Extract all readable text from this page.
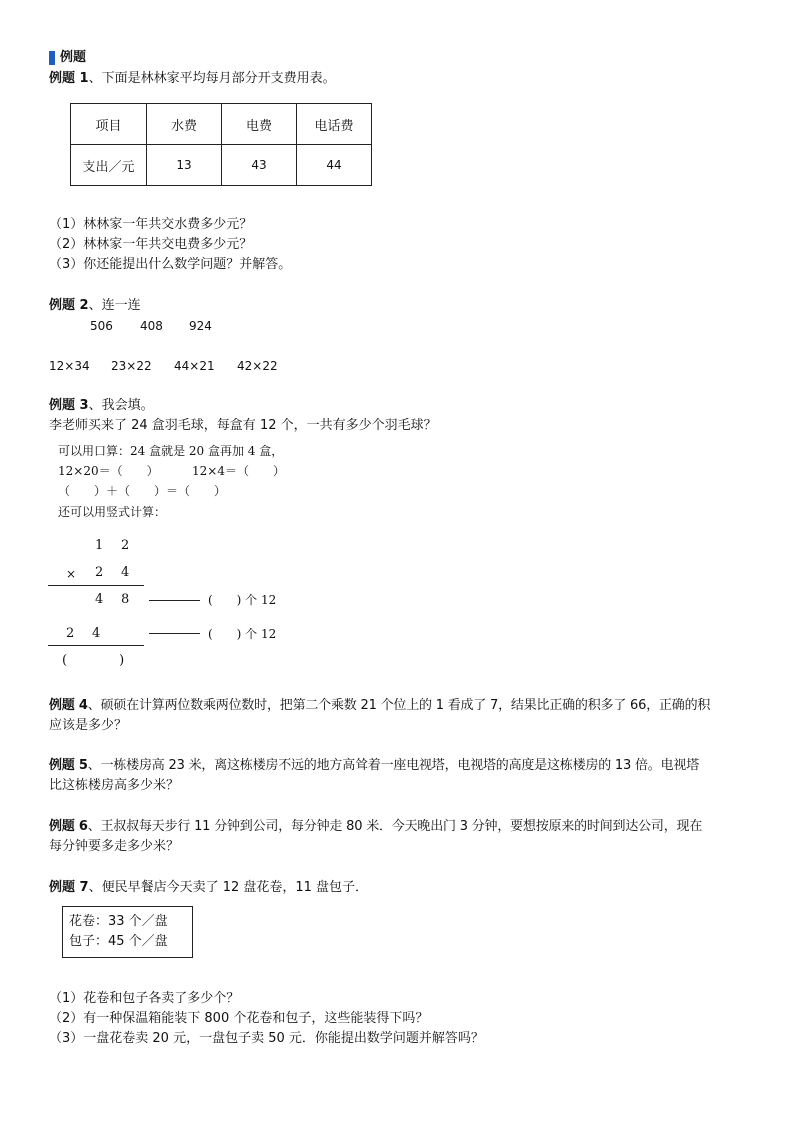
例题
例题 1、下面是林林家平均每月部分开支费用表。
项目	水费	电费	电话费
支出／元	13	43	44
（1）林林家一年共交水费多少元？
（2）林林家一年共交电费多少元？
（3）你还能提出什么数学问题？并解答。
例题 2、连一连
506 408 924
12×34 23×22 44×21 42×22
例题 3、我会填。
李老师买来了 24 盒羽毛球，每盒有 12 个，一共有多少个羽毛球？
可以用口算：24 盒就是 20 盒再加 4 盒，
12×20＝（　　）	12×4＝（　　）
（　　）＋（　　）＝（　　）
还可以用竖式计算：
1 2
× 2 4
4 8	(　　) 个 12
2 4	(　　) 个 12
(　　　　)
例题 4、硕硕在计算两位数乘两位数时，把第二个乘数 21 个位上的 1 看成了 7，结果比正确的积多了 66，正确的积
应该是多少？
例题 5、一栋楼房高 23 米，离这栋楼房不远的地方高耸着一座电视塔，电视塔的高度是这栋楼房的 13 倍。电视塔
比这栋楼房高多少米？
例题 6、王叔叔每天步行 11 分钟到公司，每分钟走 80 米．今天晚出门 3 分钟，要想按原来的时间到达公司，现在
每分钟要多走多少米？
例题 7、便民早餐店今天卖了 12 盘花卷，11 盘包子．
花卷：33 个／盘
包子：45 个／盘
（1）花卷和包子各卖了多少个？
（2）有一种保温箱能装下 800 个花卷和包子，这些能装得下吗？
（3）一盘花卷卖 20 元，一盘包子卖 50 元．你能提出数学问题并解答吗？
